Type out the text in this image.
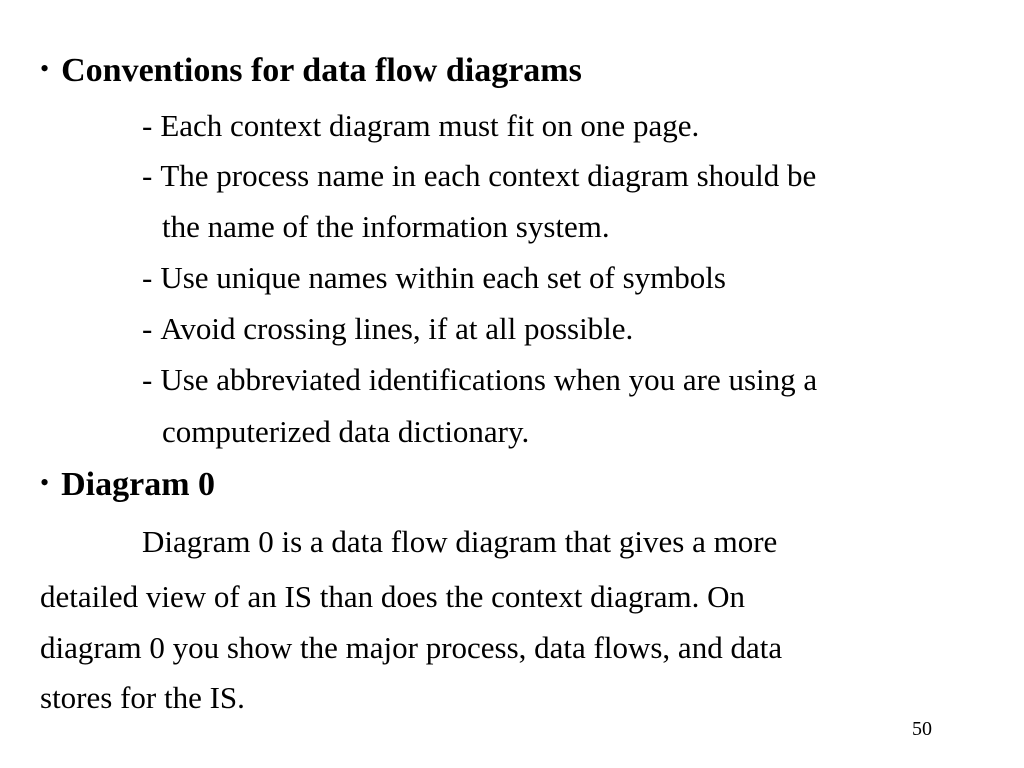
• Conventions for data flow diagrams
- Each context diagram must fit on one page.
- The process name in each context diagram should be
the name of the information system.
- Use unique names within each set of symbols
- Avoid crossing lines, if at all possible.
- Use abbreviated identifications when you are using a
computerized data dictionary.
• Diagram 0
Diagram 0 is a data flow diagram that gives a more
detailed view of an IS than does the context diagram. On
diagram 0 you show the major process, data flows, and data
stores for the IS.
50
